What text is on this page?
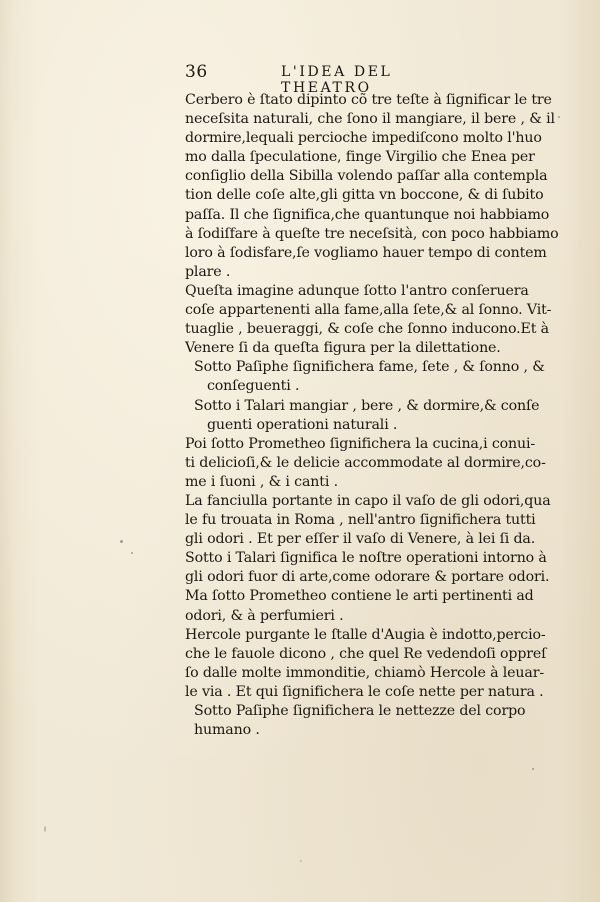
36	L'IDEA DEL THEATRO
Cerbero è ſtato dipinto cõ tre teſte à ſignificar le tre
neceſsita naturali, che ſono il mangiare, il bere , & il
dormire,lequali percioche impediſcono molto l'huo
mo dalla ſpeculatione, finge Virgilio che Enea per
conſiglio della Sibilla volendo paſſar alla contempla
tion delle coſe alte,gli gitta vn boccone, & di ſubito
paſſa. Il che ſignifica,che quantunque noi habbiamo
à ſodiſfare à queſte tre neceſsità, con poco habbiamo
loro à ſodisfare,ſe vogliamo hauer tempo di contem
plare .
Queſta imagine adunque ſotto l'antro conſeruera
coſe appartenenti alla fame,alla ſete,& al ſonno. Vit-
tuaglie , beueraggi, & coſe che ſonno inducono.Et à
Venere ſi da queſta figura per la dilettatione.
Sotto Paſiphe ſignifichera fame, ſete , & ſonno , &
conſeguenti .
Sotto i Talari mangiar , bere , & dormire,& conſe
guenti operationi naturali .
Poi ſotto Prometheo ſignifichera la cucina,i conui-
ti delicioſi,& le delicie accommodate al dormire,co-
me i ſuoni , & i canti .
La fanciulla portante in capo il vaſo de gli odori,qua
le fu trouata in Roma , nell'antro ſignifichera tutti
gli odori . Et per eſſer il vaſo di Venere, à lei ſi da.
Sotto i Talari ſignifica le noſtre operationi intorno à
gli odori fuor di arte,come odorare & portare odori.
Ma ſotto Prometheo contiene le arti pertinenti ad
odori, & à perfumieri .
Hercole purgante le ſtalle d'Augia è indotto,percio-
che le fauole dicono , che quel Re vedendoſi oppreſ
ſo dalle molte immonditie, chiamò Hercole à leuar-
le via . Et qui ſignifichera le coſe nette per natura .
Sotto Paſiphe ſignifichera le nettezze del corpo
humano .
